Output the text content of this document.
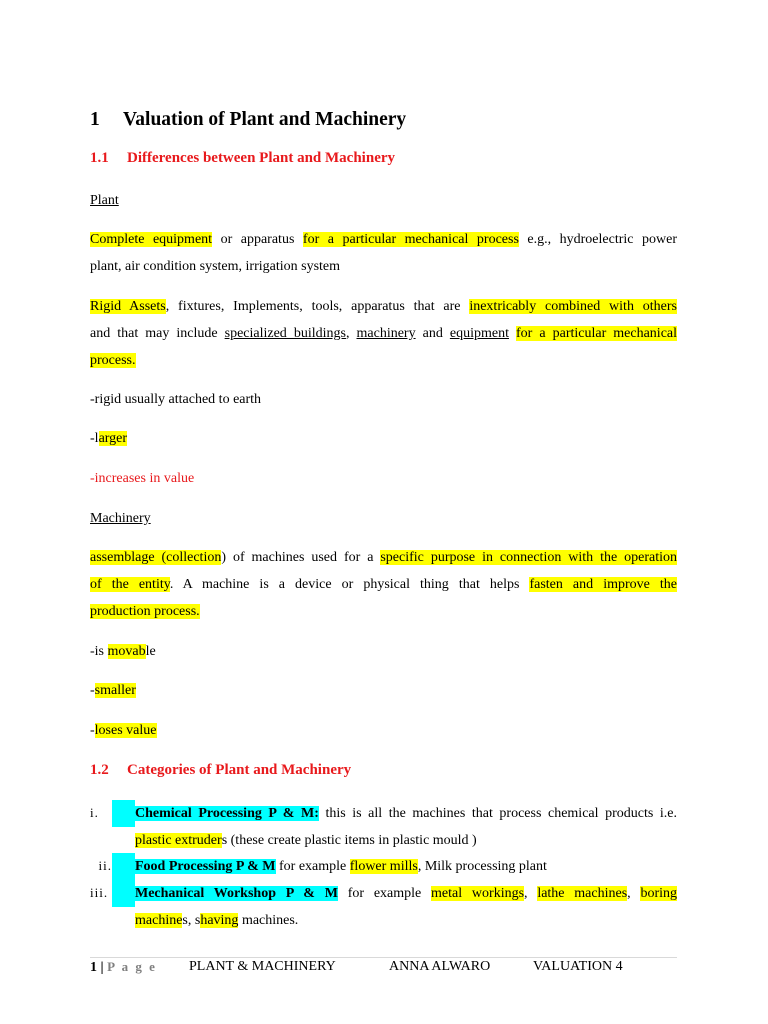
1 Valuation of Plant and Machinery
1.1 Differences between Plant and Machinery
Plant
Complete equipment or apparatus for a particular mechanical process e.g., hydroelectric power
plant, air condition system, irrigation system
Rigid Assets, fixtures, Implements, tools, apparatus that are inextricably combined with others
and that may include specialized buildings, machinery and equipment for a particular mechanical
process.
-rigid usually attached to earth
-larger
-increases in value
Machinery
assemblage (collection) of machines used for a specific purpose in connection with the operation
of the entity. A machine is a device or physical thing that helps fasten and improve the
production process.
-is movable
-smaller
-loses value
1.2 Categories of Plant and Machinery
i.	Chemical Processing P & M: this is all the machines that process chemical products i.e.
plastic extruders (these create plastic items in plastic mould )
ii. Food Processing P & M for example flower mills, Milk processing plant
iii. Mechanical Workshop P & M for example metal workings, lathe machines, boring
machines, shaving machines.
1 | P a g e PLANT & MACHINERY	ANNA ALWARO	VALUATION 4
